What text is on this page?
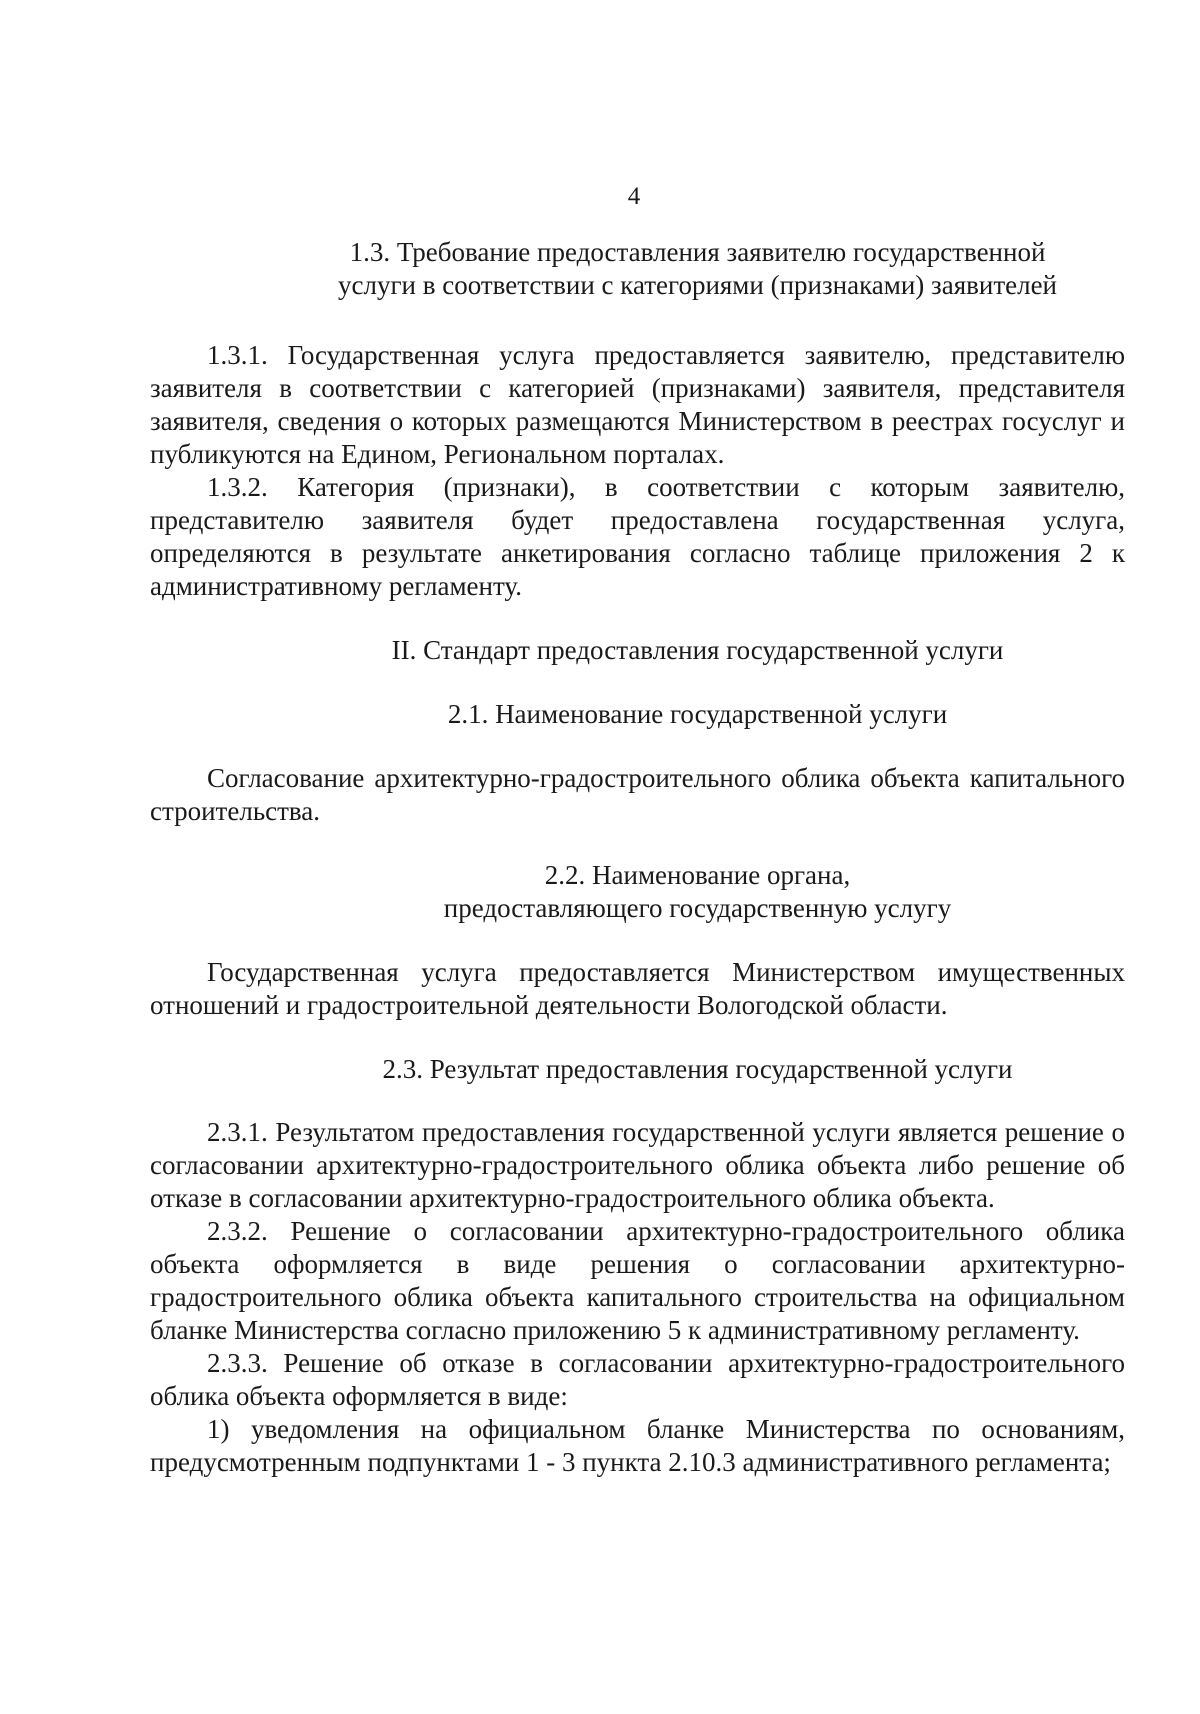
4

1.3. Требование предоставления заявителю государственной
услуги в соответствии с категориями (признаками) заявителей

1.3.1. Государственная услуга предоставляется заявителю, представителю заявителя в соответствии с категорией (признаками) заявителя, представителя заявителя, сведения о которых размещаются Министерством в реестрах госуслуг и публикуются на Едином, Региональном порталах.

1.3.2. Категория (признаки), в соответствии с которым заявителю, представителю заявителя будет предоставлена государственная услуга, определяются в результате анкетирования согласно таблице приложения 2 к административному регламенту.

II. Стандарт предоставления государственной услуги

2.1. Наименование государственной услуги

Согласование архитектурно-градостроительного облика объекта капитального строительства.

2.2. Наименование органа,
предоставляющего государственную услугу

Государственная услуга предоставляется Министерством имущественных отношений и градостроительной деятельности Вологодской области.

2.3. Результат предоставления государственной услуги

2.3.1. Результатом предоставления государственной услуги является решение о согласовании архитектурно-градостроительного облика объекта либо решение об отказе в согласовании архитектурно-градостроительного облика объекта.

2.3.2. Решение о согласовании архитектурно-градостроительного облика объекта оформляется в виде решения о согласовании архитектурно-градостроительного облика объекта капитального строительства на официальном бланке Министерства согласно приложению 5 к административному регламенту.

2.3.3. Решение об отказе в согласовании архитектурно-градостроительного облика объекта оформляется в виде:

1) уведомления на официальном бланке Министерства по основаниям, предусмотренным подпунктами 1 - 3 пункта 2.10.3 административного регламента;
